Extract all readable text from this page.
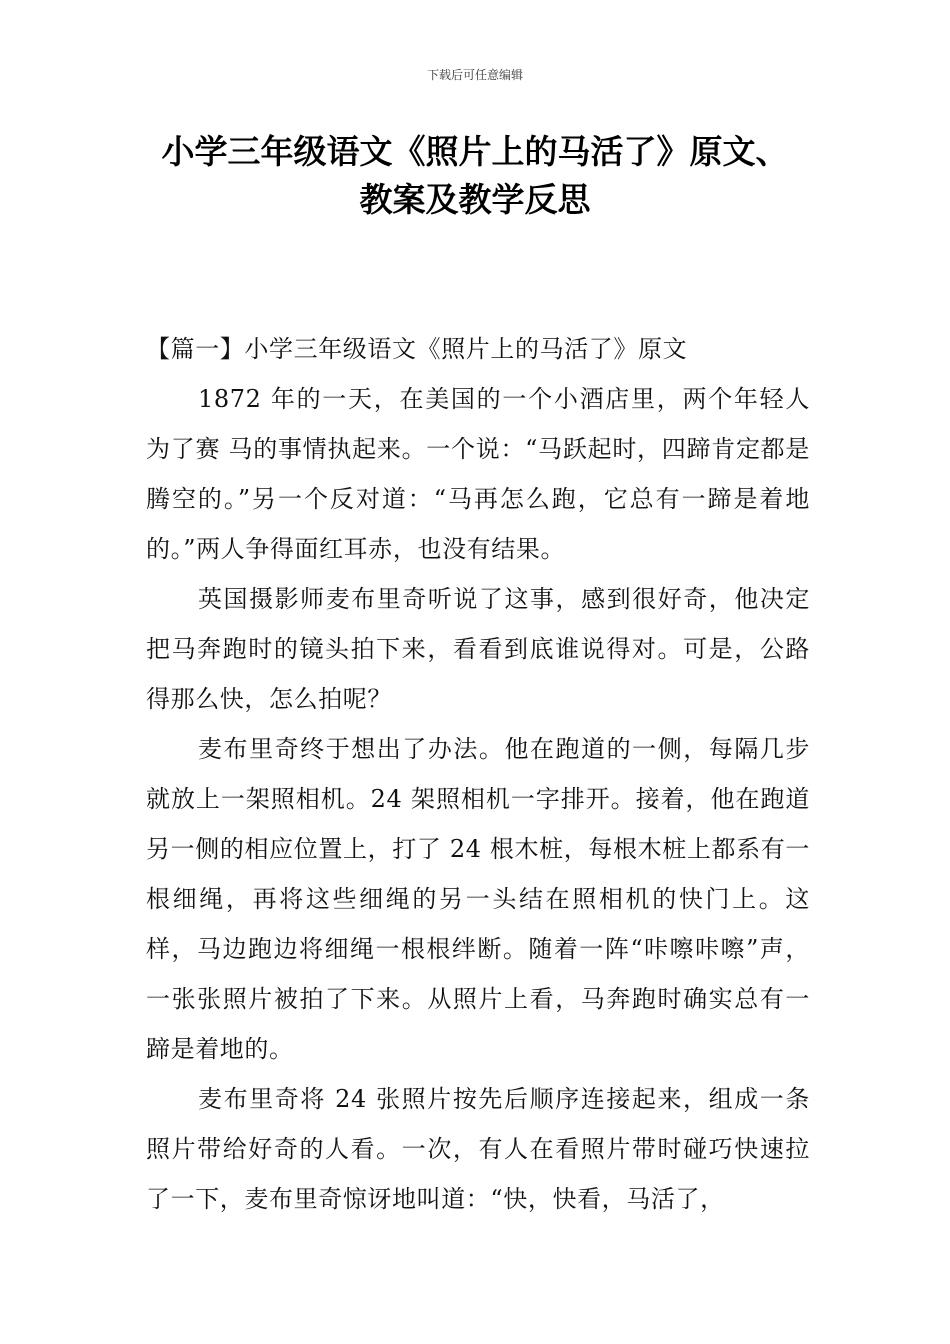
下载后可任意编辑
小学三年级语文《照片上的马活了》原文、
教案及教学反思

【篇一】小学三年级语文《照片上的马活了》原文

1872 年的一天，在美国的一个小酒店里，两个年轻人为了赛 马的事情执起来。一个说：“马跃起时，四蹄肯定都是腾空的。”另一个反对道：“马再怎么跑，它总有一蹄是着地的。”两人争得面红耳赤，也没有结果。

英国摄影师麦布里奇听说了这事，感到很好奇，他决定把马奔跑时的镜头拍下来，看看到底谁说得对。可是，公路得那么快，怎么拍呢？

麦布里奇终于想出了办法。他在跑道的一侧，每隔几步就放上一架照相机。24 架照相机一字排开。接着，他在跑道另一侧的相应位置上，打了 24 根木桩，每根木桩上都系有一根细绳，再将这些细绳的另一头结在照相机的快门上。这样，马边跑边将细绳一根根绊断。随着一阵“咔嚓咔嚓”声，一张张照片被拍了下来。从照片上看，马奔跑时确实总有一蹄是着地的。

麦布里奇将 24 张照片按先后顺序连接起来，组成一条照片带给好奇的人看。一次，有人在看照片带时碰巧快速拉了一下，麦布里奇惊讶地叫道：“快，快看，马活了，
